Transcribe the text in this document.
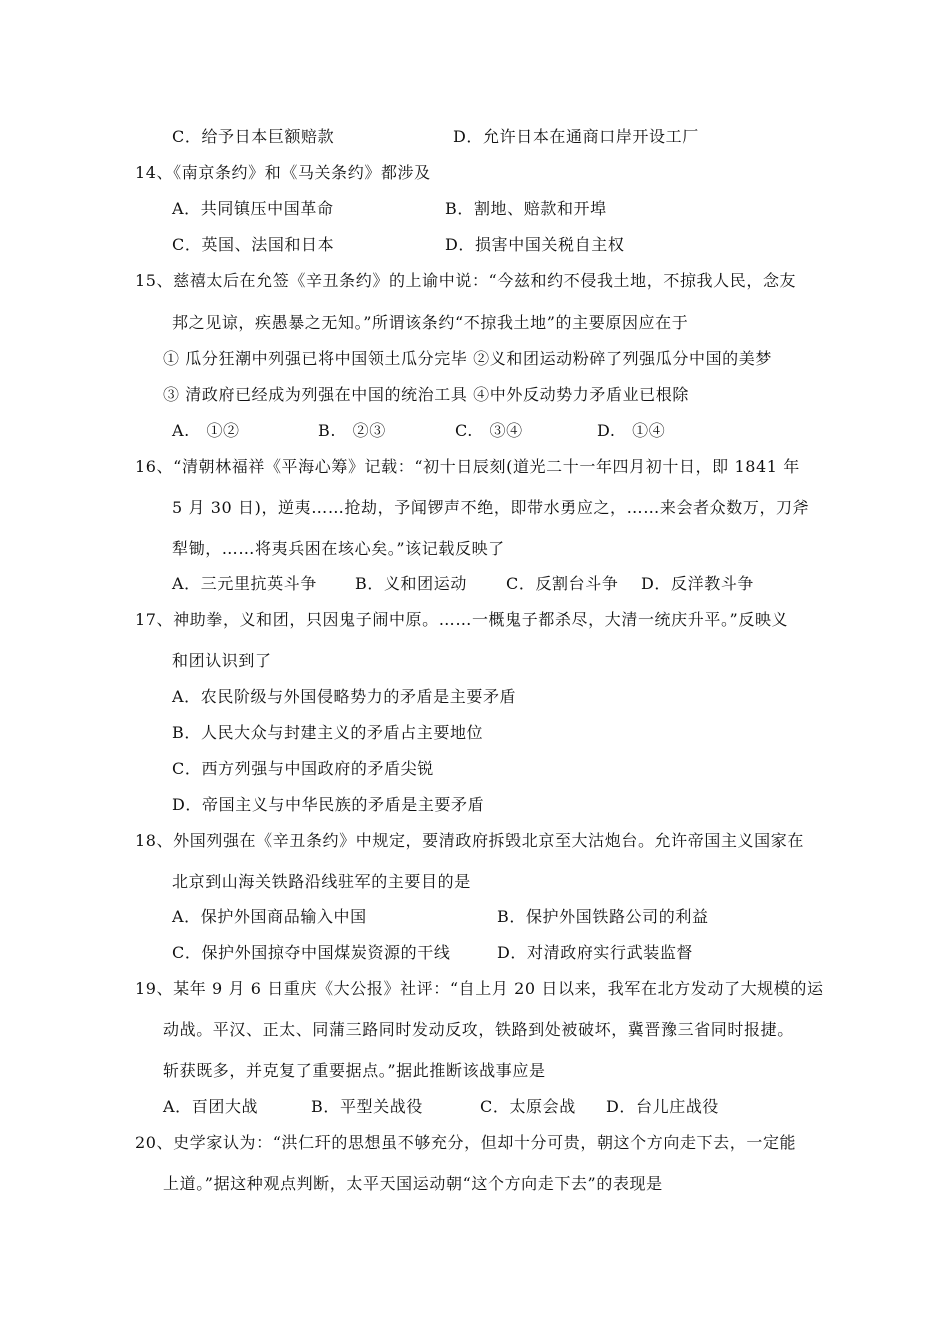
C．给予日本巨额赔款	D．允许日本在通商口岸开设工厂
14、《南京条约》和《马关条约》都涉及
A．共同镇压中国革命	B．割地、赔款和开埠
C．英国、法国和日本	D．损害中国关税自主权
15、慈禧太后在允签《辛丑条约》的上谕中说：“今兹和约不侵我土地，不掠我人民，念友
邦之见谅，疾愚暴之无知。”所谓该条约“不掠我土地”的主要原因应在于
① 瓜分狂潮中列强已将中国领土瓜分完毕 ②义和团运动粉碎了列强瓜分中国的美梦
③ 清政府已经成为列强在中国的统治工具 ④中外反动势力矛盾业已根除
A.　①②	B.　②③	C.　③④	D.　①④
16、“清朝林福祥《平海心筹》记载：“初十日辰刻(道光二十一年四月初十日，即 1841 年
5 月 30 日)，逆夷……抢劫，予闻锣声不绝，即带水勇应之，……来会者众数万，刀斧
犁锄，……将夷兵困在垓心矣。”该记载反映了
A．三元里抗英斗争 B．义和团运动 C．反割台斗争 D．反洋教斗争
17、神助拳，义和团，只因鬼子闹中原。……一概鬼子都杀尽，大清一统庆升平。”反映义
和团认识到了
A．农民阶级与外国侵略势力的矛盾是主要矛盾
B．人民大众与封建主义的矛盾占主要地位
C．西方列强与中国政府的矛盾尖锐
D．帝国主义与中华民族的矛盾是主要矛盾
18、外国列强在《辛丑条约》中规定，要清政府拆毁北京至大沽炮台。允许帝国主义国家在
北京到山海关铁路沿线驻军的主要目的是
A．保护外国商品输入中国	B．保护外国铁路公司的利益
C．保护外国掠夺中国煤炭资源的干线	D．对清政府实行武装监督
19、某年 9 月 6 日重庆《大公报》社评：“自上月 20 日以来，我军在北方发动了大规模的运
动战。平汉、正太、同蒲三路同时发动反攻，铁路到处被破坏，冀晋豫三省同时报捷。
斩获既多，并克复了重要据点。”据此推断该战事应是
A．百团大战	B．平型关战役	C．太原会战 D．台儿庄战役
20、史学家认为：“洪仁玕的思想虽不够充分，但却十分可贵，朝这个方向走下去，一定能
上道。”据这种观点判断，太平天国运动朝“这个方向走下去”的表现是
